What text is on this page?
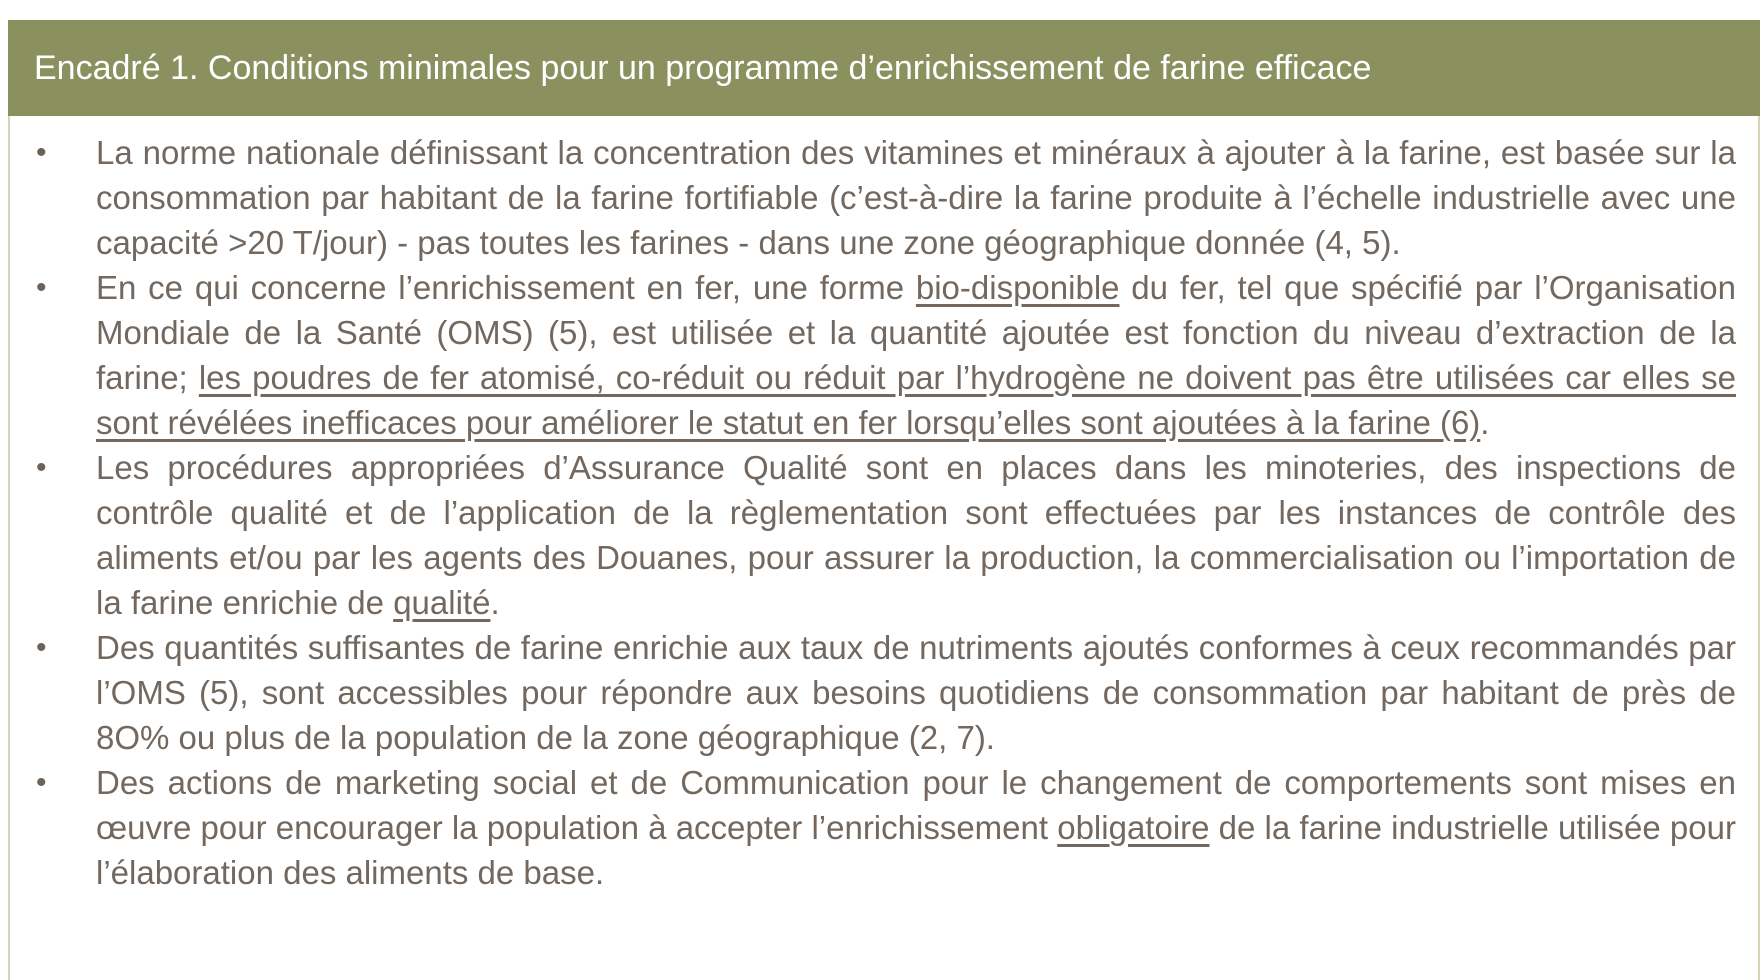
Encadré 1. Conditions minimales pour un programme d’enrichissement de farine efficace
•	La norme nationale définissant la concentration des vitamines et minéraux à ajouter à la farine, est basée sur la consommation par habitant de la farine fortifiable (c’est-à-dire la farine produite à l’échelle industrielle avec une capacité >20 T/jour) - pas toutes les farines - dans une zone géographique donnée (4, 5).
•	En ce qui concerne l’enrichissement en fer, une forme bio-disponible du fer, tel que spécifié par l’Organisation Mondiale de la Santé (OMS) (5), est utilisée et la quantité ajoutée est fonction du niveau d’extraction de la farine; les poudres de fer atomisé, co-réduit ou réduit par l’hydrogène ne doivent pas être utilisées car elles se sont révélées inefficaces pour améliorer le statut en fer lorsqu’elles sont ajoutées à la farine (6).
•	Les procédures appropriées d’Assurance Qualité sont en places dans les minoteries, des inspections de contrôle qualité et de l’application de la règlementation sont effectuées par les instances de contrôle des aliments et/ou par les agents des Douanes, pour assurer la production, la commercialisation ou l’importation de la farine enrichie de qualité.
•	Des quantités suffisantes de farine enrichie aux taux de nutriments ajoutés conformes à ceux recommandés par l’OMS (5), sont accessibles pour répondre aux besoins quotidiens de consommation par habitant de près de 8O% ou plus de la population de la zone géographique (2, 7).
•	Des actions de marketing social et de Communication pour le changement de comportements sont mises en œuvre pour encourager la population à accepter l’enrichissement obligatoire de la farine industrielle utilisée pour l’élaboration des aliments de base.
